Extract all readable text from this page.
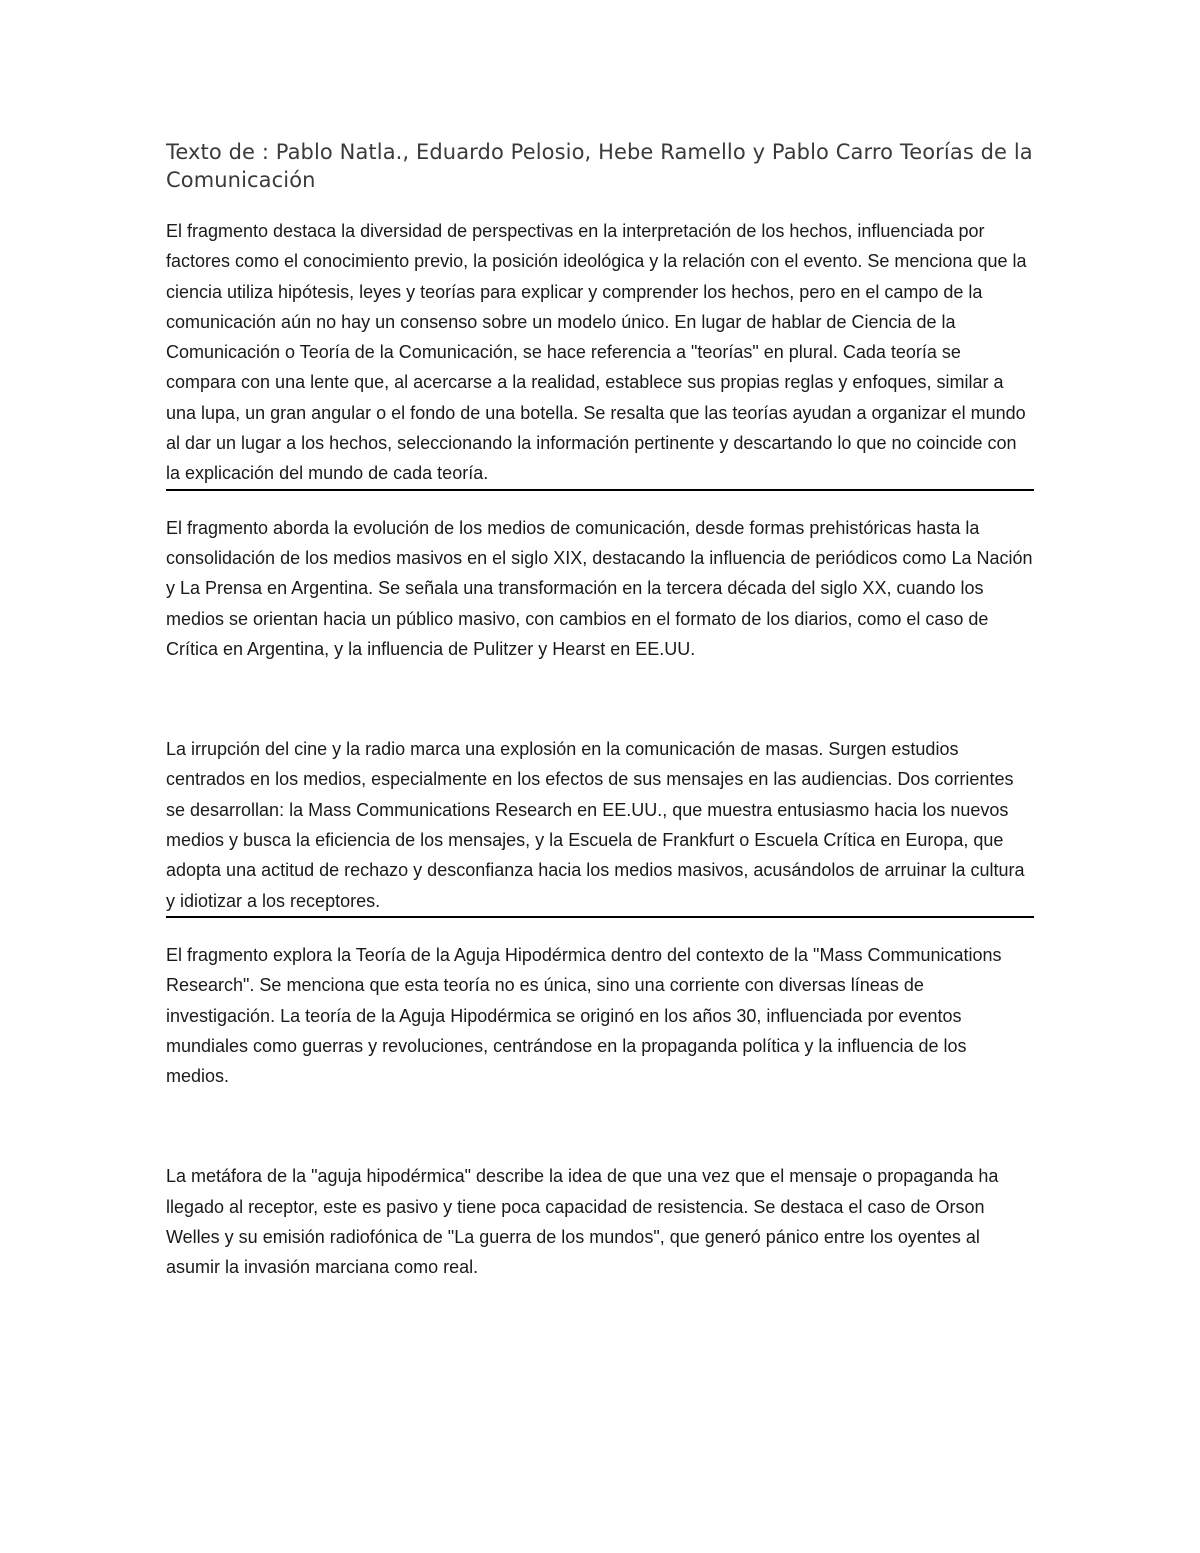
Texto de : Pablo Natla., Eduardo Pelosio, Hebe Ramello y Pablo Carro Teorías de la Comunicación

El fragmento destaca la diversidad de perspectivas en la interpretación de los hechos, influenciada por factores como el conocimiento previo, la posición ideológica y la relación con el evento. Se menciona que la ciencia utiliza hipótesis, leyes y teorías para explicar y comprender los hechos, pero en el campo de la comunicación aún no hay un consenso sobre un modelo único. En lugar de hablar de Ciencia de la Comunicación o Teoría de la Comunicación, se hace referencia a "teorías" en plural. Cada teoría se compara con una lente que, al acercarse a la realidad, establece sus propias reglas y enfoques, similar a una lupa, un gran angular o el fondo de una botella. Se resalta que las teorías ayudan a organizar el mundo al dar un lugar a los hechos, seleccionando la información pertinente y descartando lo que no coincide con la explicación del mundo de cada teoría.

El fragmento aborda la evolución de los medios de comunicación, desde formas prehistóricas hasta la consolidación de los medios masivos en el siglo XIX, destacando la influencia de periódicos como La Nación y La Prensa en Argentina. Se señala una transformación en la tercera década del siglo XX, cuando los medios se orientan hacia un público masivo, con cambios en el formato de los diarios, como el caso de Crítica en Argentina, y la influencia de Pulitzer y Hearst en EE.UU.

La irrupción del cine y la radio marca una explosión en la comunicación de masas. Surgen estudios centrados en los medios, especialmente en los efectos de sus mensajes en las audiencias. Dos corrientes se desarrollan: la Mass Communications Research en EE.UU., que muestra entusiasmo hacia los nuevos medios y busca la eficiencia de los mensajes, y la Escuela de Frankfurt o Escuela Crítica en Europa, que adopta una actitud de rechazo y desconfianza hacia los medios masivos, acusándolos de arruinar la cultura y idiotizar a los receptores.

El fragmento explora la Teoría de la Aguja Hipodérmica dentro del contexto de la "Mass Communications Research". Se menciona que esta teoría no es única, sino una corriente con diversas líneas de investigación. La teoría de la Aguja Hipodérmica se originó en los años 30, influenciada por eventos mundiales como guerras y revoluciones, centrándose en la propaganda política y la influencia de los medios.

La metáfora de la "aguja hipodérmica" describe la idea de que una vez que el mensaje o propaganda ha llegado al receptor, este es pasivo y tiene poca capacidad de resistencia. Se destaca el caso de Orson Welles y su emisión radiofónica de "La guerra de los mundos", que generó pánico entre los oyentes al asumir la invasión marciana como real.
